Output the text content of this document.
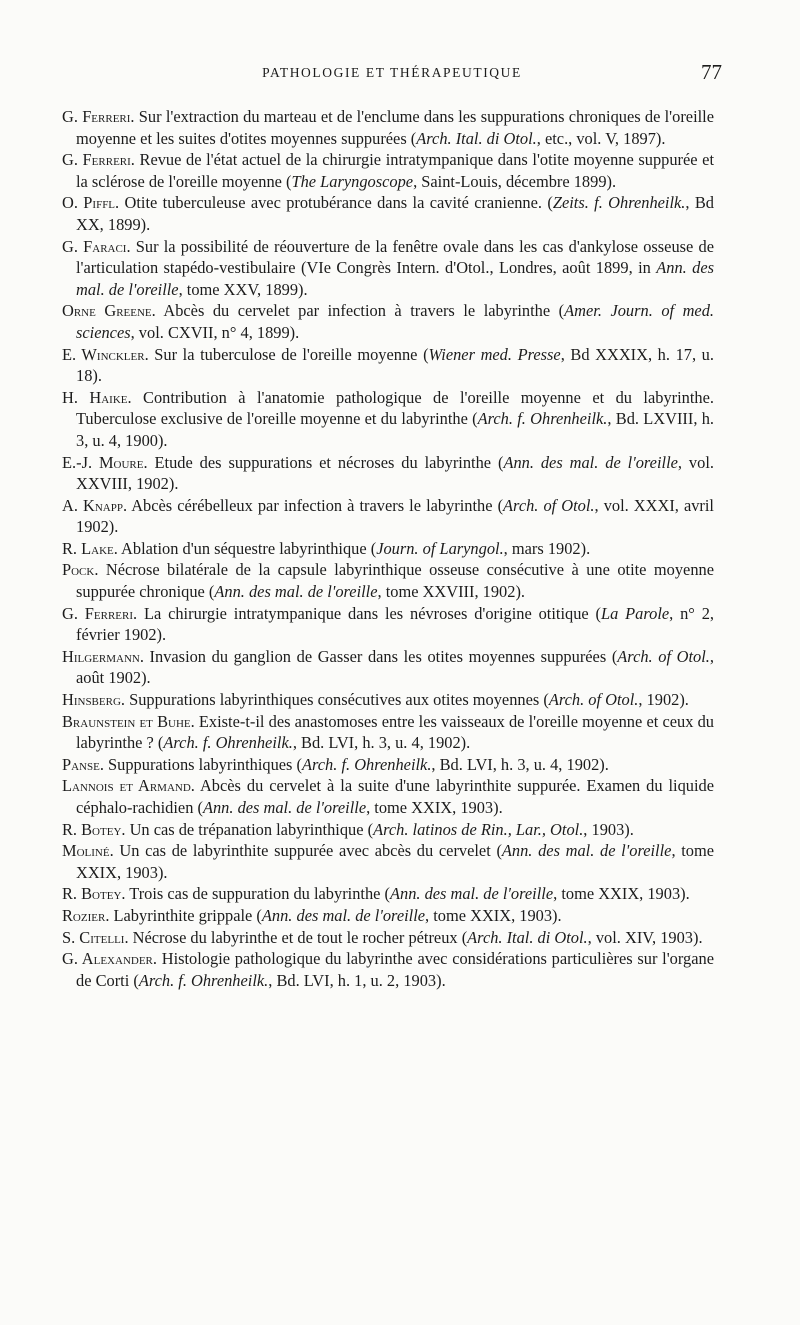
PATHOLOGIE ET THÉRAPEUTIQUE	77
G. Ferreri. Sur l'extraction du marteau et de l'enclume dans les suppurations chroniques de l'oreille moyenne et les suites d'otites moyennes suppurées (Arch. Ital. di Otol., etc., vol. V, 1897).
G. Ferreri. Revue de l'état actuel de la chirurgie intratympanique dans l'otite moyenne suppurée et la sclérose de l'oreille moyenne (The Laryngoscope, Saint-Louis, décembre 1899).
O. Piffl. Otite tuberculeuse avec protubérance dans la cavité cranienne. (Zeits. f. Ohrenheilk., Bd XX, 1899).
G. Faraci. Sur la possibilité de réouverture de la fenêtre ovale dans les cas d'ankylose osseuse de l'articulation stapédo-vestibulaire (VIe Congrès Intern. d'Otol., Londres, août 1899, in Ann. des mal. de l'oreille, tome XXV, 1899).
Orne Greene. Abcès du cervelet par infection à travers le labyrinthe (Amer. Journ. of med. sciences, vol. CXVII, n° 4, 1899).
E. Winckler. Sur la tuberculose de l'oreille moyenne (Wiener med. Presse, Bd XXXIX, h. 17, u. 18).
H. Haike. Contribution à l'anatomie pathologique de l'oreille moyenne et du labyrinthe. Tuberculose exclusive de l'oreille moyenne et du labyrinthe (Arch. f. Ohrenheilk., Bd. LXVIII, h. 3, u. 4, 1900).
E.-J. Moure. Etude des suppurations et nécroses du labyrinthe (Ann. des mal. de l'oreille, vol. XXVIII, 1902).
A. Knapp. Abcès cérébelleux par infection à travers le labyrinthe (Arch. of Otol., vol. XXXI, avril 1902).
R. Lake. Ablation d'un séquestre labyrinthique (Journ. of Laryngol., mars 1902).
Pock. Nécrose bilatérale de la capsule labyrinthique osseuse consécutive à une otite moyenne suppurée chronique (Ann. des mal. de l'oreille, tome XXVIII, 1902).
G. Ferreri. La chirurgie intratympanique dans les névroses d'origine otitique (La Parole, n° 2, février 1902).
Hilgermann. Invasion du ganglion de Gasser dans les otites moyennes suppurées (Arch. of Otol., août 1902).
Hinsberg. Suppurations labyrinthiques consécutives aux otites moyennes (Arch. of Otol., 1902).
Braunstein et Buhe. Existe-t-il des anastomoses entre les vaisseaux de l'oreille moyenne et ceux du labyrinthe ? (Arch. f. Ohrenheilk., Bd. LVI, h. 3, u. 4, 1902).
Panse. Suppurations labyrinthiques (Arch. f. Ohrenheilk., Bd. LVI, h. 3, u. 4, 1902).
Lannois et Armand. Abcès du cervelet à la suite d'une labyrinthite suppurée. Examen du liquide céphalo-rachidien (Ann. des mal. de l'oreille, tome XXIX, 1903).
R. Botey. Un cas de trépanation labyrinthique (Arch. latinos de Rin., Lar., Otol., 1903).
Moliné. Un cas de labyrinthite suppurée avec abcès du cervelet (Ann. des mal. de l'oreille, tome XXIX, 1903).
R. Botey. Trois cas de suppuration du labyrinthe (Ann. des mal. de l'oreille, tome XXIX, 1903).
Rozier. Labyrinthite grippale (Ann. des mal. de l'oreille, tome XXIX, 1903).
S. Citelli. Nécrose du labyrinthe et de tout le rocher pétreux (Arch. Ital. di Otol., vol. XIV, 1903).
G. Alexander. Histologie pathologique du labyrinthe avec considérations particulières sur l'organe de Corti (Arch. f. Ohrenheilk., Bd. LVI, h. 1, u. 2, 1903).
